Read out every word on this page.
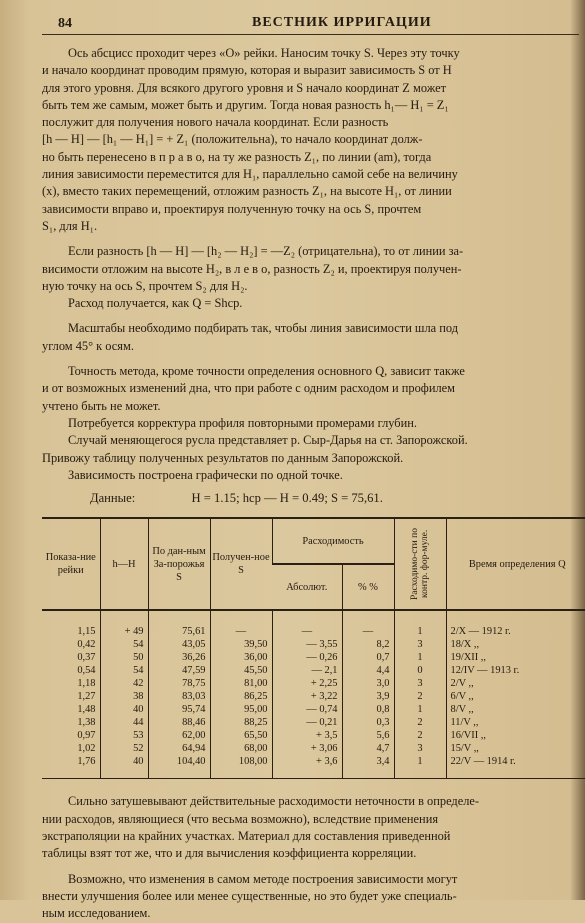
84	ВЕСТНИК ИРРИГАЦИИ

Ось абсцисс проходит через «О» рейки. Наносим точку S. Через эту точку

и начало координат проводим прямую, которая и выразит зависимость S от H

для этого уровня. Для всякого другого уровня и S начало координат Z может

быть тем же самым, может быть и другим. Тогда новая разность h₁— H₁ = Z₁

послужит для получения нового начала координат. Если разность

[h — H] — [h₁ — H₁] = + Z₁ (положительна), то начало координат долж-

но быть перенесено в п р а в о, на ту же разность Z₁, по линии (am), тогда

линия зависимости переместится для H₁, параллельно самой себе на величину

(x), вместо таких перемещений, отложим разность Z₁, на высоте H₁, от линии

зависимости вправо и, проектируя полученную точку на ось S, прочтем

S₁, для H₁.

Если разность [h — H] — [h₂ — H₂] = —Z₂ (отрицательна), то от линии за-

висимости отложим на высоте H₂, в л е в о, разность Z₂ и, проектируя получен-

ную точку на ось S, прочтем S₂ для H₂.

Расход получается, как Q = Shср.

Масштабы необходимо подбирать так, чтобы линия зависимости шла под

углом 45° к осям.

Точность метода, кроме точности определения основного Q, зависит также

и от возможных изменений дна, что при работе с одним расходом и профилем

учтено быть не может.

Потребуется корректура профиля повторными промерами глубин.

Случай меняющегося русла представляет р. Сыр-Дарья на ст. Запорожской.

Привожу таблицу полученных результатов по данным Запорожской.

Зависимость построена графически по одной точке.

Данные:	H = 1.15; hср — H = 0.49; S = 75,61.

Показа-ние рейки	h—H	По дан-ным За-порожья S	Получен-ное S	Расходимость		Расходимо-сти по контр. фор-муле.	Время определения Q
				Абсолют.	% %		
1,15	+ 49	75,61	—	—	—	1	2/X — 1912 г.
0,42	54	43,05	39,50	— 3,55	8,2	3	18/X ,,
0,37	50	36,26	36,00	— 0,26	0,7	1	19/XII ,,
0,54	54	47,59	45,50	— 2,1	4,4	0	12/IV — 1913 г.
1,18	42	78,75	81,00	+ 2,25	3,0	3	2/V ,,
1,27	38	83,03	86,25	+ 3,22	3,9	2	6/V ,,
1,48	40	95,74	95,00	— 0,74	0,8	1	8/V ,,
1,38	44	88,46	88,25	— 0,21	0,3	2	11/V ,,
0,97	53	62,00	65,50	+ 3,5	5,6	2	16/VII ,,
1,02	52	64,94	68,00	+ 3,06	4,7	3	15/V ,,
1,76	40	104,40	108,00	+ 3,6	3,4	1	22/V — 1914 г.

Сильно затушевывают действительные расходимости неточности в определе-

нии расходов, являющиеся (что весьма возможно), вследствие применения

экстраполяции на крайних участках. Материал для составления приведенной

таблицы взят тот же, что и для вычисления коэффициента корреляции.

Возможно, что изменения в самом методе построения зависимости могут

внести улучшения более или менее существенные, но это будет уже специаль-

ным исследованием.
